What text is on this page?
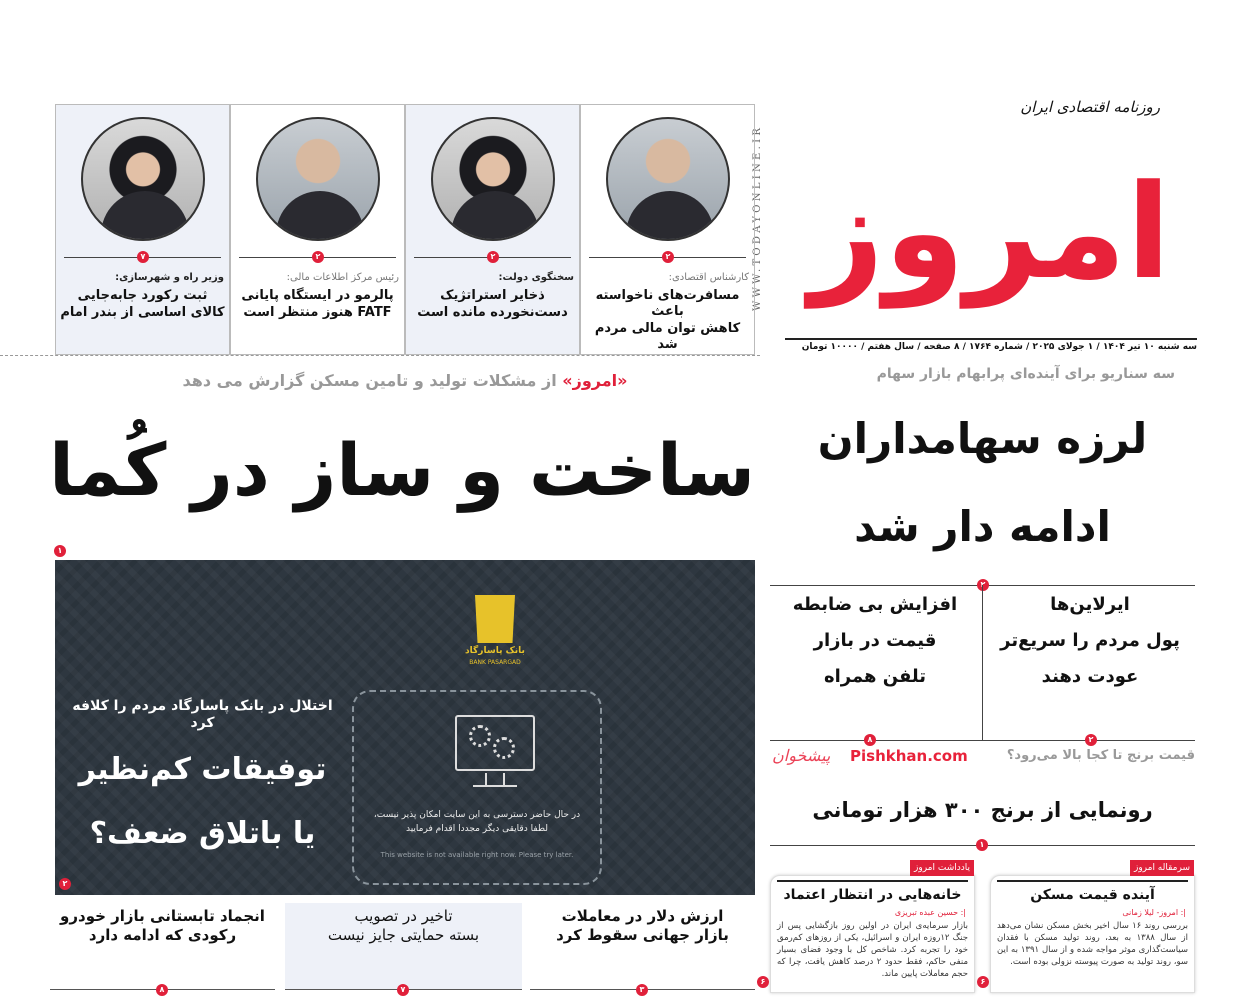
امروز
روزنامه اقتصادی ایران
WWW.TODAYONLINE.IR
سه شنبه ۱۰ تیر ۱۴۰۴ / ۱ جولای ۲۰۲۵ / شماره ۱۷۶۴ / ۸ صفحه / سال هفتم / ۱۰۰۰۰ تومان
۲
کارشناس اقتصادی:
مسافرت‌های ناخواسته باعث
کاهش توان مالی مردم شد
۲
سخنگوی دولت:
ذخایر استراتژیک
دست‌نخورده مانده است
۲
رئیس مرکز اطلاعات مالی:
پالرمو در ایستگاه پایانی
FATF هنوز منتظر است
۷
وزیر راه و شهرسازی:
ثبت رکورد جابه‌جایی
کالای اساسی از بندر امام
«امروز» از مشکلات تولید و تامین مسکن گزارش می دهد
ساخت و ساز در کُما
۱
بانک پاسارگاد
BANK PASARGAD
در حال حاضر دسترسی به این سایت امکان پذیر نیست،
لطفا دقایقی دیگر مجددا اقدام فرمایید
This website is not available right now. Please try later.
اختلال در بانک پاسارگاد مردم را کلافه کرد
توفیقات کم‌نظیر
یا باتلاق ضعف؟
۲
سه سناریو برای آینده‌ای پرابهام بازار سهام
لرزه سهامداران
ادامه دار شد
۲
ایرلاین‌ها
پول مردم را سریع‌تر
عودت دهند
افزایش بی ضابطه
قیمت در بازار
تلفن همراه
۲
۸
پیشخوان Pishkhan.com	قیمت برنج تا کجا بالا می‌رود؟
رونمایی از برنج ۳۰۰ هزار تومانی
۱
سرمقاله امروز
آینده قیمت مسکن
|: امروز- لیلا زمانی
بررسی روند ۱۶ سال اخیر بخش مسکن نشان می‌دهد از سال ۱۳۸۸ به بعد، روند تولید مسکن با فقدان سیاست‌گذاری موثر مواجه شده و از سال ۱۳۹۱ به این سو، روند تولید به صورت پیوسته نزولی بوده است.
۶
یادداشت امروز
خانه‌هایی در انتظار اعتماد
|: حسین عبده تبریزی
بازار سرمایه‌ی ایران در اولین روز بازگشایی پس از جنگ ۱۲روزه ایران و اسرائیل، یکی از روزهای کم‌رمق خود را تجربه کرد. شاخص کل با وجود فضای بسیار منفی حاکم، فقط حدود ۲ درصد کاهش یافت، چرا که حجم معاملات پایین ماند.
۶
ارزش دلار در معاملات
بازار جهانی سقوط کرد
۳
تاخیر در تصویب
بسته حمایتی جایز نیست
۷
انجماد تابستانی بازار خودرو
رکودی که ادامه دارد
۸
